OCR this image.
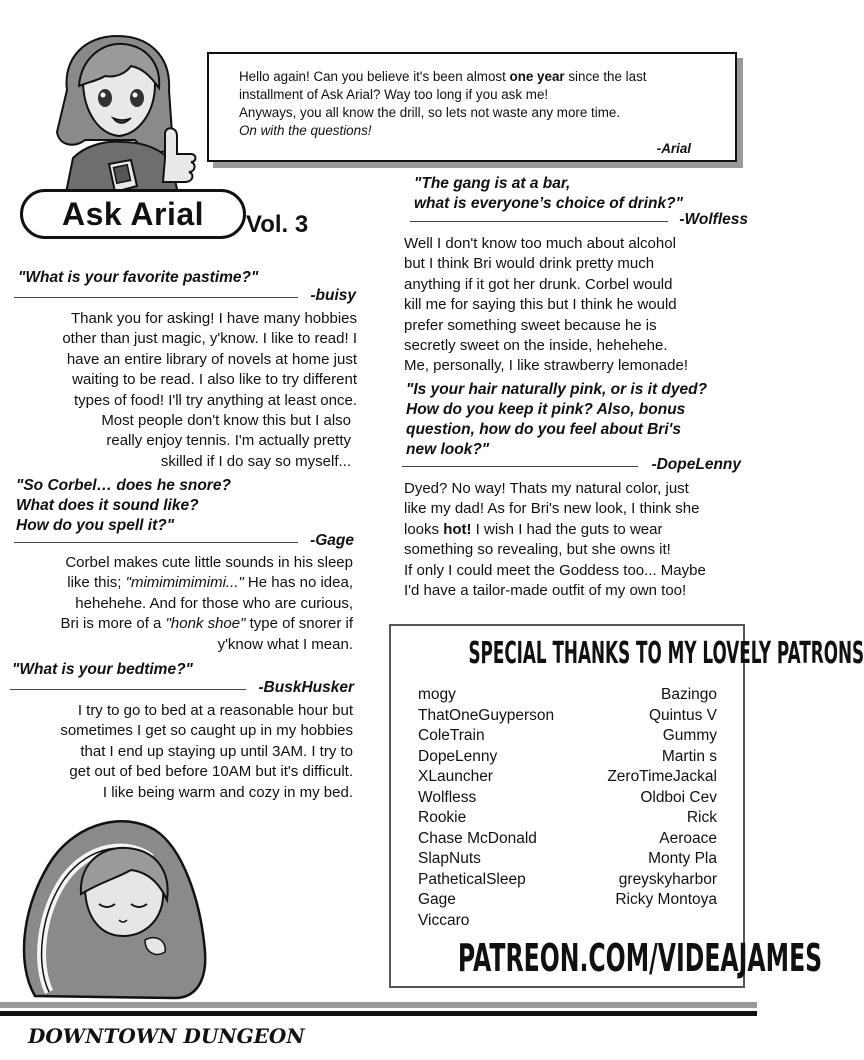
Hello again! Can you believe it's been almost one year since the last
installment of Ask Arial? Way too long if you ask me!
Anyways, you all know the drill, so lets not waste any more time.
On with the questions!
-Arial
Ask Arial	Vol. 3
"What is your favorite pastime?"
-buisy
Thank you for asking! I have many hobbies
other than just magic, y'know. I like to read! I
have an entire library of novels at home just
waiting to be read. I also like to try different
types of food! I'll try anything at least once.
Most people don't know this but I also
really enjoy tennis. I'm actually pretty
skilled if I do say so myself...
"So Corbel… does he snore?
What does it sound like?
How do you spell it?"
-Gage
Corbel makes cute little sounds in his sleep
like this; "mimimimimimi..." He has no idea,
hehehehe. And for those who are curious,
Bri is more of a "honk shoe" type of snorer if
y'know what I mean.
"What is your bedtime?"
-BuskHusker
I try to go to bed at a reasonable hour but
sometimes I get so caught up in my hobbies
that I end up staying up until 3AM. I try to
get out of bed before 10AM but it's difficult.
I like being warm and cozy in my bed.
"The gang is at a bar,
what is everyone’s choice of drink?"
-Wolfless
Well I don't know too much about alcohol
but I think Bri would drink pretty much
anything if it got her drunk. Corbel would
kill me for saying this but I think he would
prefer something sweet because he is
secretly sweet on the inside, hehehehe.
Me, personally, I like strawberry lemonade!
"Is your hair naturally pink, or is it dyed?
How do you keep it pink? Also, bonus
question, how do you feel about Bri's
new look?"
-DopeLenny
Dyed? No way! Thats my natural color, just
like my dad! As for Bri's new look, I think she
looks hot! I wish I had the guts to wear
something so revealing, but she owns it!
If only I could meet the Goddess too... Maybe
I'd have a tailor-made outfit of my own too!
SPECIAL THANKS TO MY LOVELY PATRONS
mogy
ThatOneGuyperson
ColeTrain
DopeLenny
XLauncher
Wolfless
Rookie
Chase McDonald
SlapNuts
PatheticalSleep
Gage
Viccaro
Bazingo
Quintus V
Gummy
Martin s
ZeroTimeJackal
Oldboi Cev
Rick
Aeroace
Monty Pla
greyskyharbor
Ricky Montoya
PATREON.COM/VIDEAJAMES
DOWNTOWN DUNGEON
